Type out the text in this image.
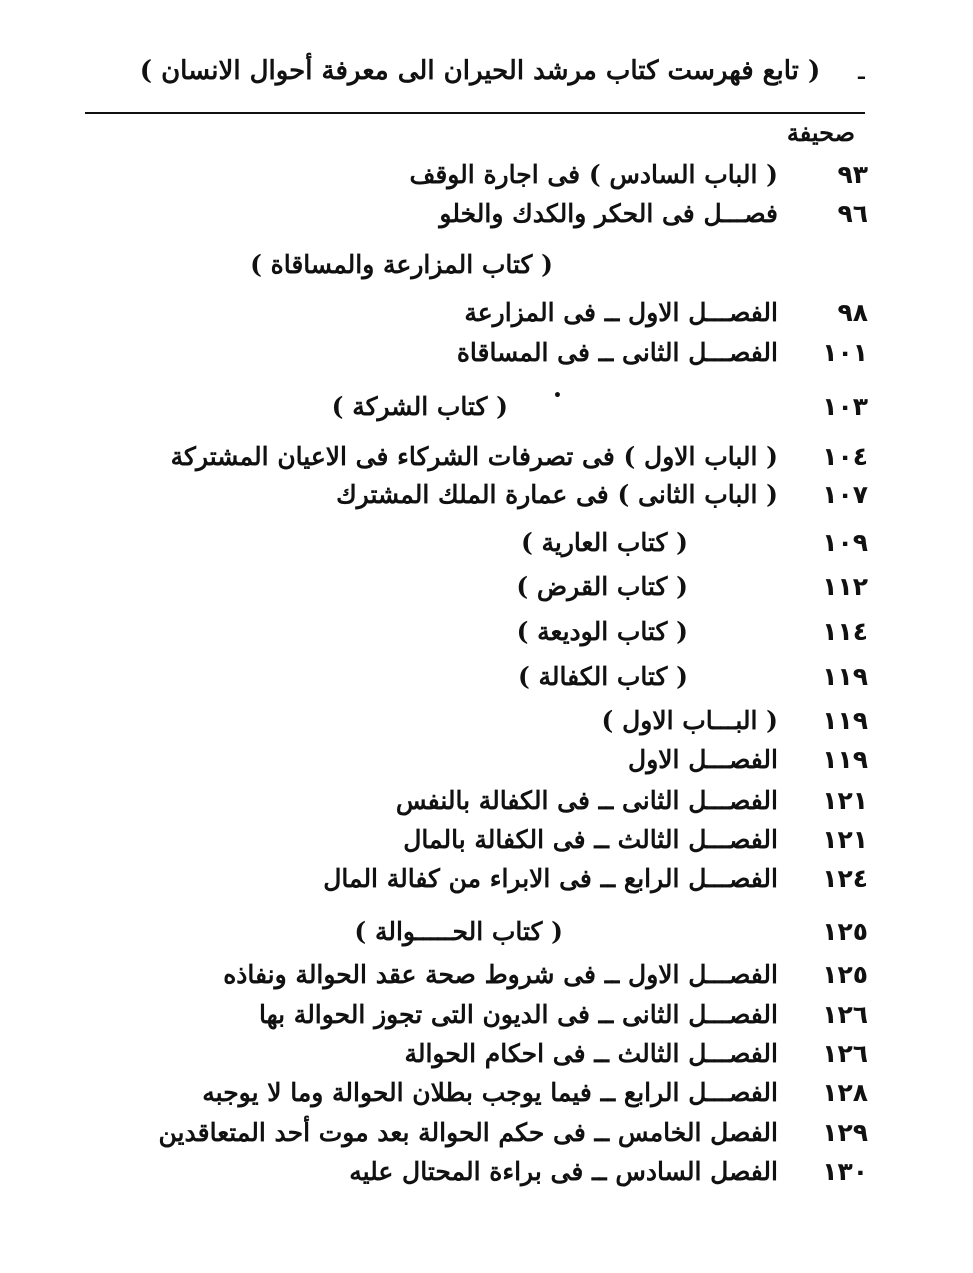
ـ
( تابع فهرست كتاب مرشد الحيران الى معرفة أحوال الانسان )
صحيفة
٩٣
( الباب السادس ) فى اجارة الوقف
٩٦
فصـــل فى الحكر والكدك والخلو
( كتاب المزارعة والمساقاة )
٩٨
الفصـــل الاول ــ فى المزارعة
١٠١
الفصـــل الثانى ــ فى المساقاة
•	١٠٣
( كتاب الشركة )
١٠٤
( الباب الاول ) فى تصرفات الشركاء فى الاعيان المشتركة
١٠٧
( الباب الثانى ) فى عمارة الملك المشترك
١٠٩
( كتاب العارية )
١١٢
( كتاب القرض )
١١٤
( كتاب الوديعة )
١١٩
( كتاب الكفالة )
١١٩
( البـــاب الاول )
١١٩
الفصـــل الاول
١٢١
الفصـــل الثانى ــ فى الكفالة بالنفس
١٢١
الفصـــل الثالث ــ فى الكفالة بالمال
١٢٤
الفصـــل الرابع ــ فى الابراء من كفالة المال
١٢٥
( كتاب الحـــــوالة )
١٢٥
الفصـــل الاول ــ فى شروط صحة عقد الحوالة ونفاذه
١٢٦
الفصـــل الثانى ــ فى الديون التى تجوز الحوالة بها
١٢٦
الفصـــل الثالث ــ فى احكام الحوالة
١٢٨
الفصـــل الرابع ــ فيما يوجب بطلان الحوالة وما لا يوجبه
١٢٩
الفصل الخامس ــ فى حكم الحوالة بعد موت أحد المتعاقدين
١٣٠
الفصل السادس ــ فى براءة المحتال عليه
